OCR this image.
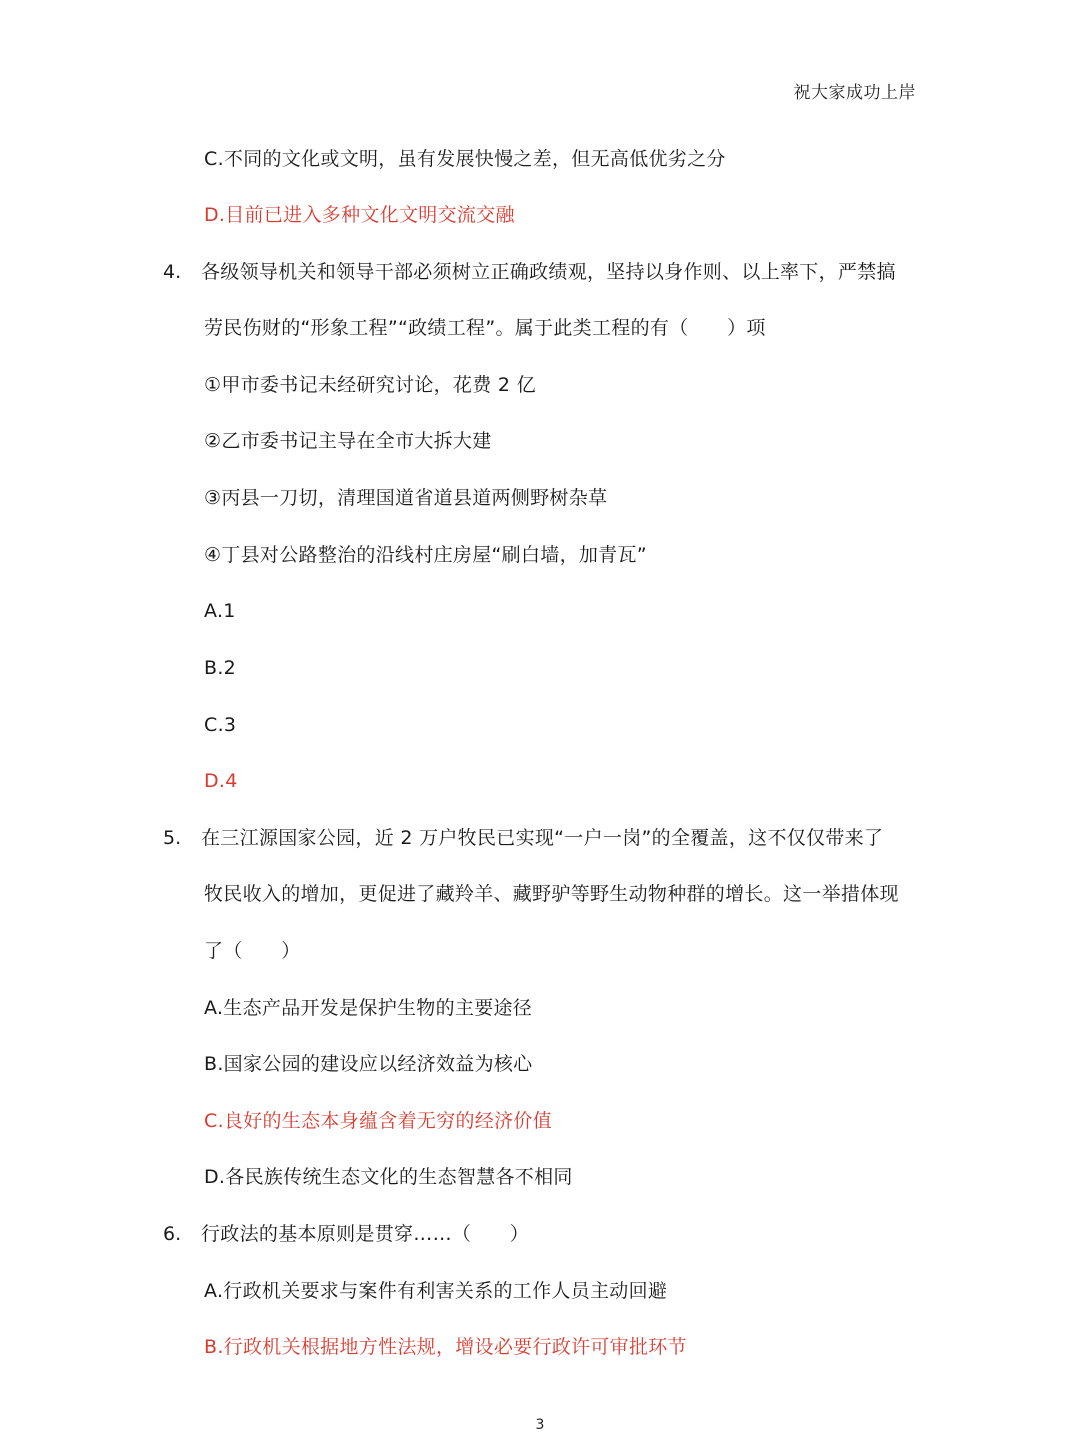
祝大家成功上岸
C.不同的文化或文明，虽有发展快慢之差，但无高低优劣之分
D.目前已进入多种文化文明交流交融
4. 各级领导机关和领导干部必须树立正确政绩观，坚持以身作则、以上率下，严禁搞
劳民伤财的“形象工程”“政绩工程”。属于此类工程的有（　　）项
①甲市委书记未经研究讨论，花费 2 亿
②乙市委书记主导在全市大拆大建
③丙县一刀切，清理国道省道县道两侧野树杂草
④丁县对公路整治的沿线村庄房屋“刷白墙，加青瓦”
A.1
B.2
C.3
D.4
5. 在三江源国家公园，近 2 万户牧民已实现“一户一岗”的全覆盖，这不仅仅带来了
牧民收入的增加，更促进了藏羚羊、藏野驴等野生动物种群的增长。这一举措体现
了（　　）
A.生态产品开发是保护生物的主要途径
B.国家公园的建设应以经济效益为核心
C.良好的生态本身蕴含着无穷的经济价值
D.各民族传统生态文化的生态智慧各不相同
6. 行政法的基本原则是贯穿……（　　）
A.行政机关要求与案件有利害关系的工作人员主动回避
B.行政机关根据地方性法规，增设必要行政许可审批环节
3
